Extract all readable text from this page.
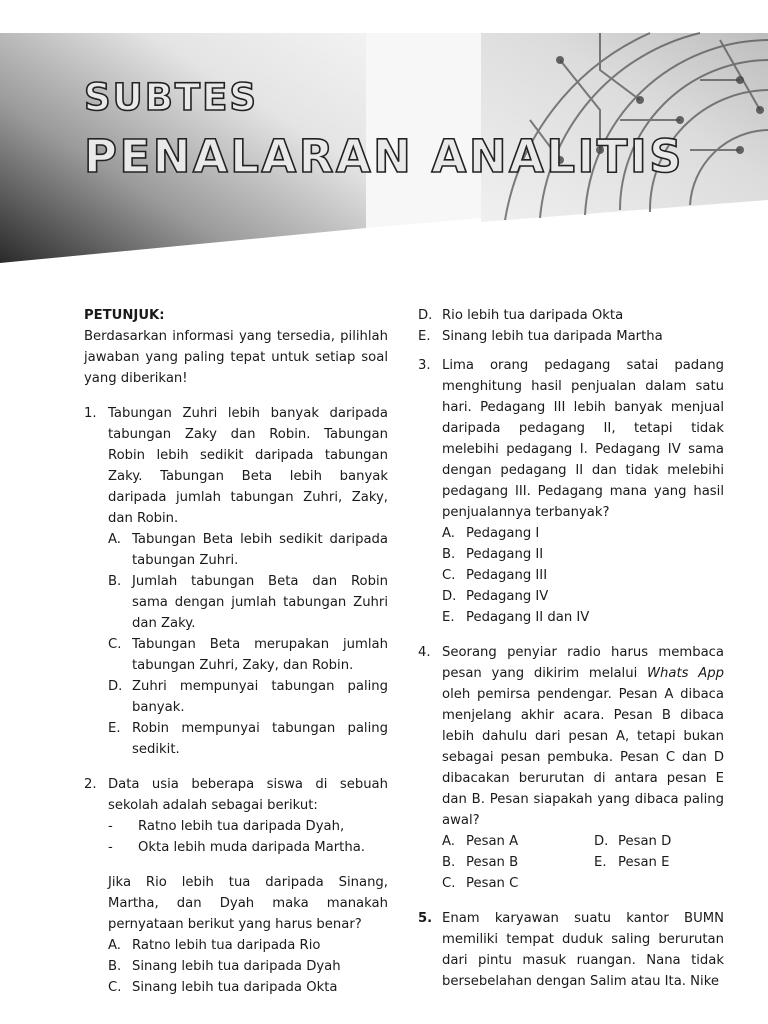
SUBTES
PENALARAN ANALITIS

PETUNJUK:

Berdasarkan informasi yang tersedia, pilihlah jawaban yang paling tepat untuk setiap soal yang diberikan!

1. Tabungan Zuhri lebih banyak daripada tabungan Zaky dan Robin. Tabungan Robin lebih sedikit daripada tabungan Zaky. Tabungan Beta lebih banyak daripada jumlah tabungan Zuhri, Zaky, dan Robin.

A. Tabungan Beta lebih sedikit daripada tabungan Zuhri.
B. Jumlah tabungan Beta dan Robin sama dengan jumlah tabungan Zuhri dan Zaky.
C. Tabungan Beta merupakan jumlah tabungan Zuhri, Zaky, dan Robin.
D. Zuhri mempunyai tabungan paling banyak.
E. Robin mempunyai tabungan paling sedikit.
2. Data usia beberapa siswa di sebuah sekolah adalah sebagai berikut:

- Ratno lebih tua daripada Dyah,
- Okta lebih muda daripada Martha.

Jika Rio lebih tua daripada Sinang, Martha, dan Dyah maka manakah pernyataan berikut yang harus benar?

A. Ratno lebih tua daripada Rio
B. Sinang lebih tua daripada Dyah
C. Sinang lebih tua daripada Okta
D. Rio lebih tua daripada Okta
E. Sinang lebih tua daripada Martha
3. Lima orang pedagang satai padang menghitung hasil penjualan dalam satu hari. Pedagang III lebih banyak menjual daripada pedagang II, tetapi tidak melebihi pedagang I. Pedagang IV sama dengan pedagang II dan tidak melebihi pedagang III. Pedagang mana yang hasil penjualannya terbanyak?

A. Pedagang I
B. Pedagang II
C. Pedagang III
D. Pedagang IV
E. Pedagang II dan IV
4. Seorang penyiar radio harus membaca pesan yang dikirim melalui Whats App oleh pemirsa pendengar. Pesan A dibaca menjelang akhir acara. Pesan B dibaca lebih dahulu dari pesan A, tetapi bukan sebagai pesan pembuka. Pesan C dan D dibacakan berurutan di antara pesan E dan B. Pesan siapakah yang dibaca paling awal?

A. Pesan A	D. Pesan D
B. Pesan B	E. Pesan E
C. Pesan C
5. Enam karyawan suatu kantor BUMN memiliki tempat duduk saling berurutan dari pintu masuk ruangan. Nana tidak bersebelahan dengan Salim atau Ita. Nike
